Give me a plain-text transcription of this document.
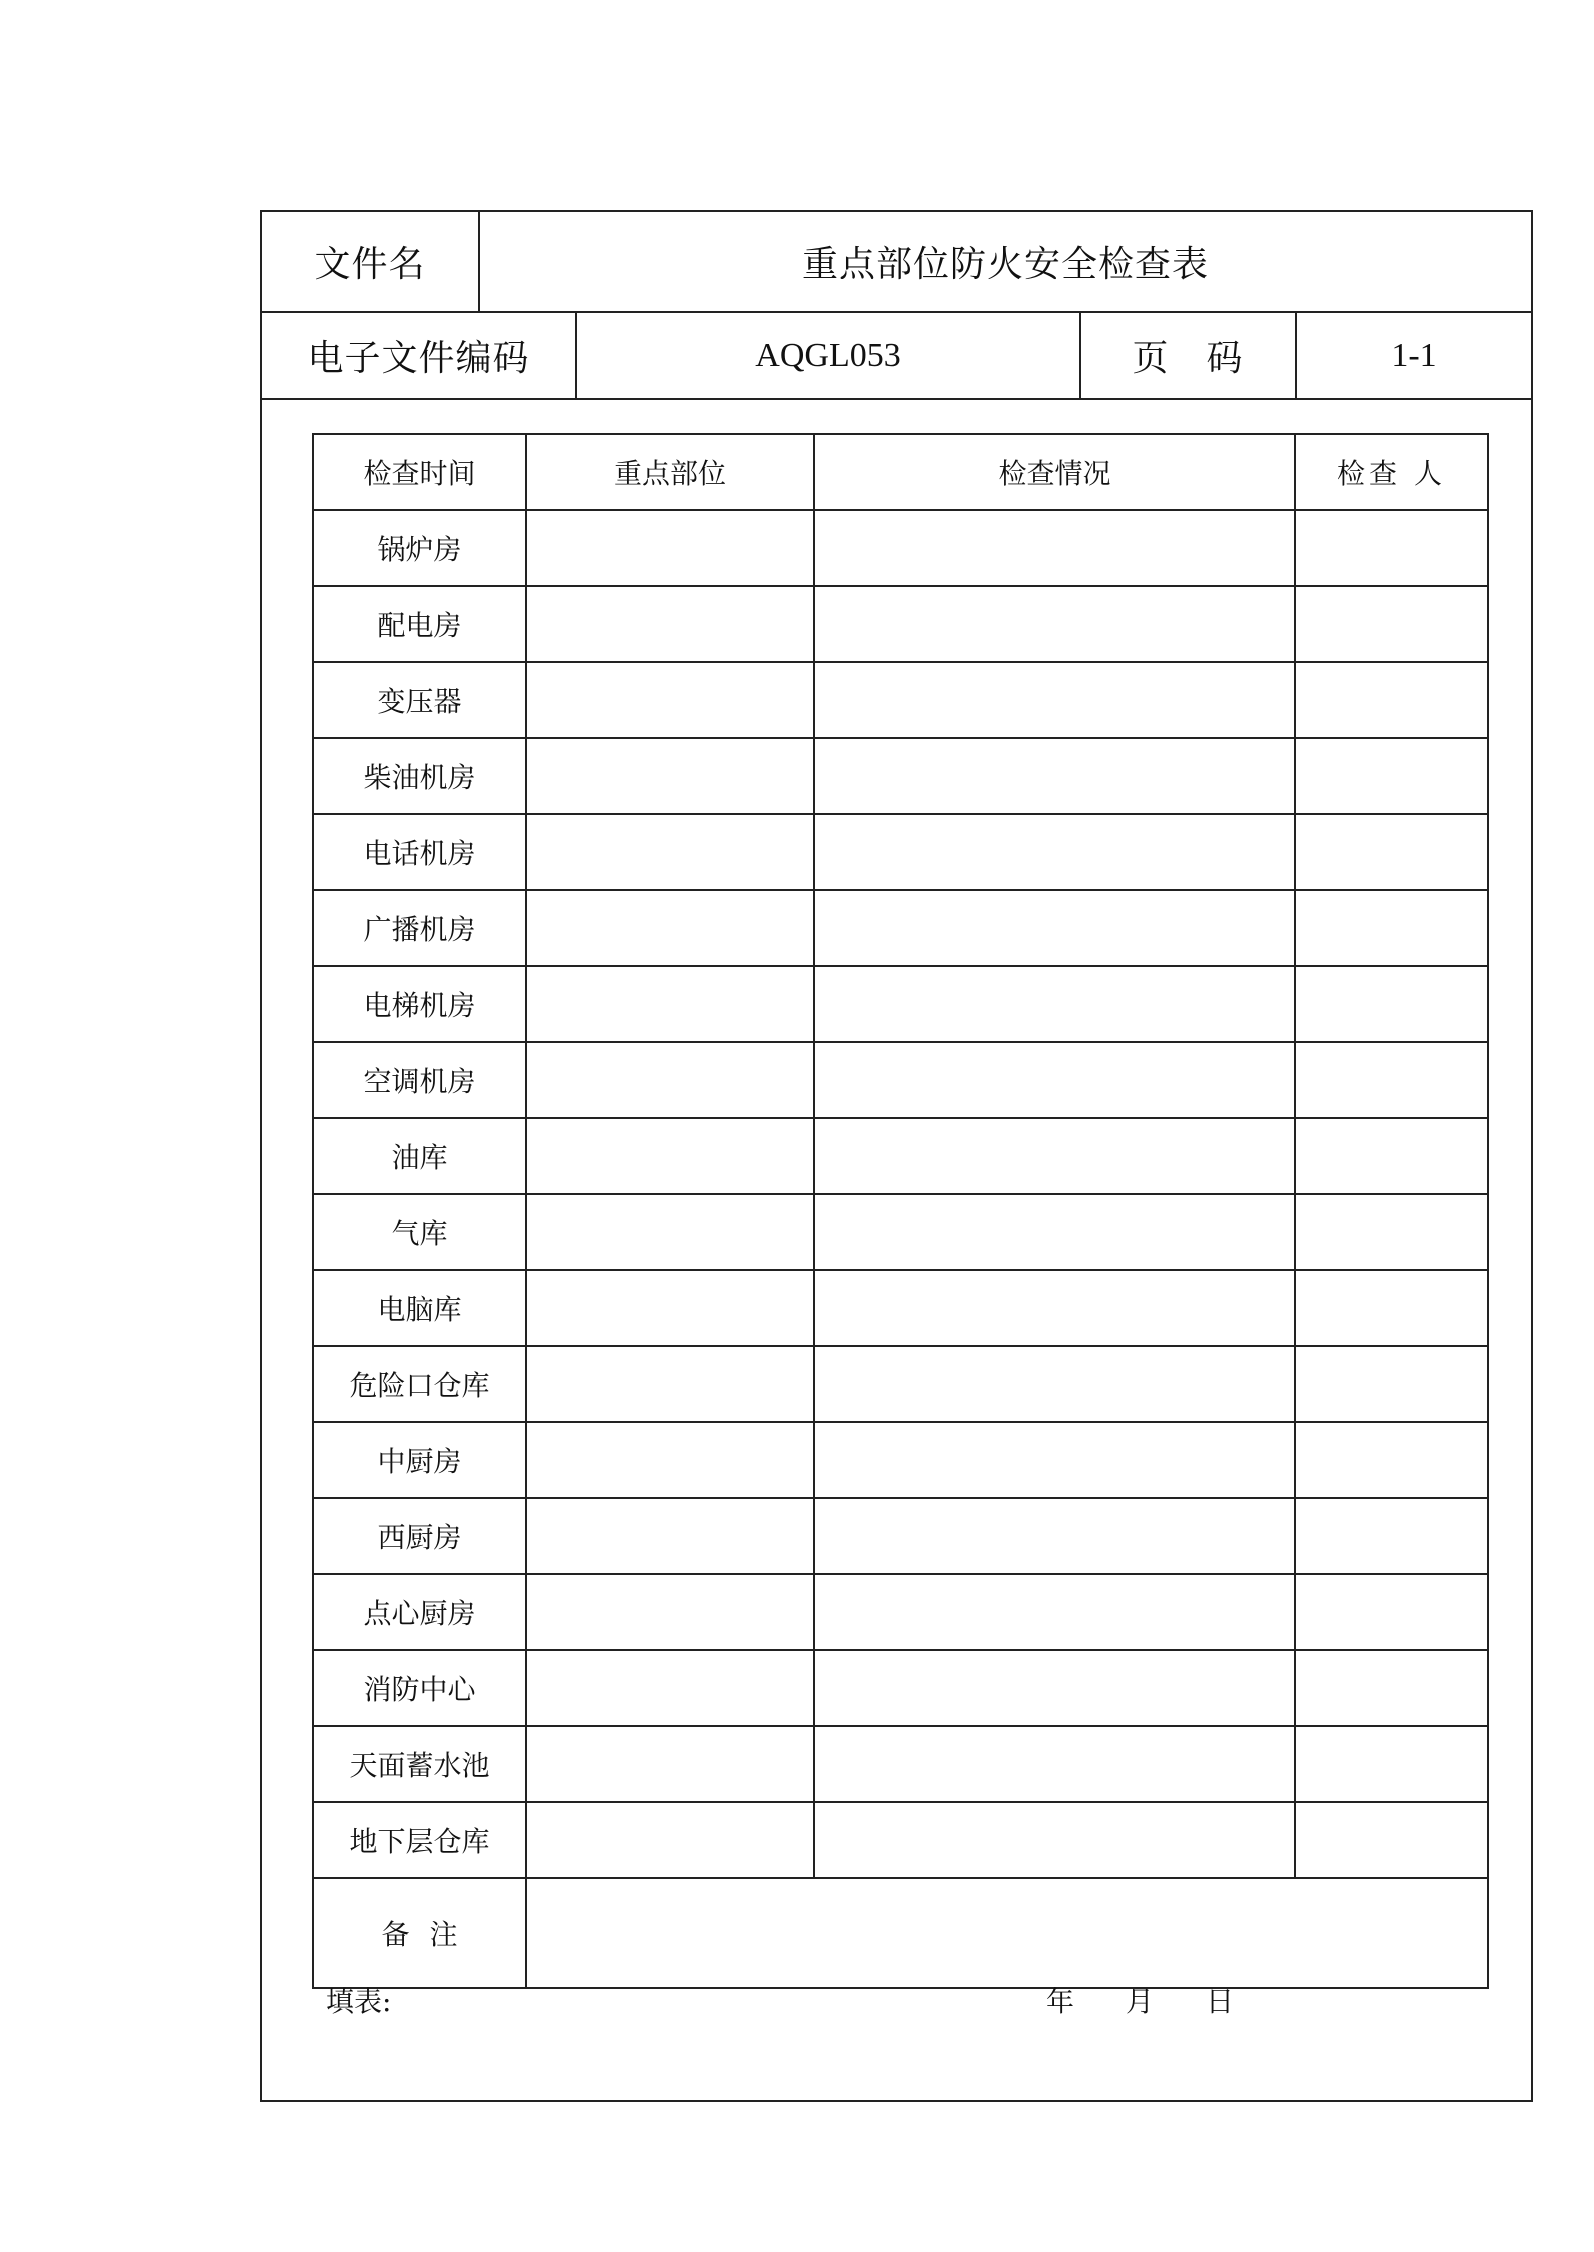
文件名	重点部位防火安全检查表
电子文件编码	AQGL053	页　码	1-1
检查时间	重点部位	检查情况	检查 人
锅炉房			
配电房			
变压器			
柴油机房			
电话机房			
广播机房			
电梯机房			
空调机房			
油库			
气库			
电脑库			
危险口仓库			
中厨房			
西厨房			
点心厨房			
消防中心			
天面蓄水池			
地下层仓库			
备注			
填表:	年 月 日
